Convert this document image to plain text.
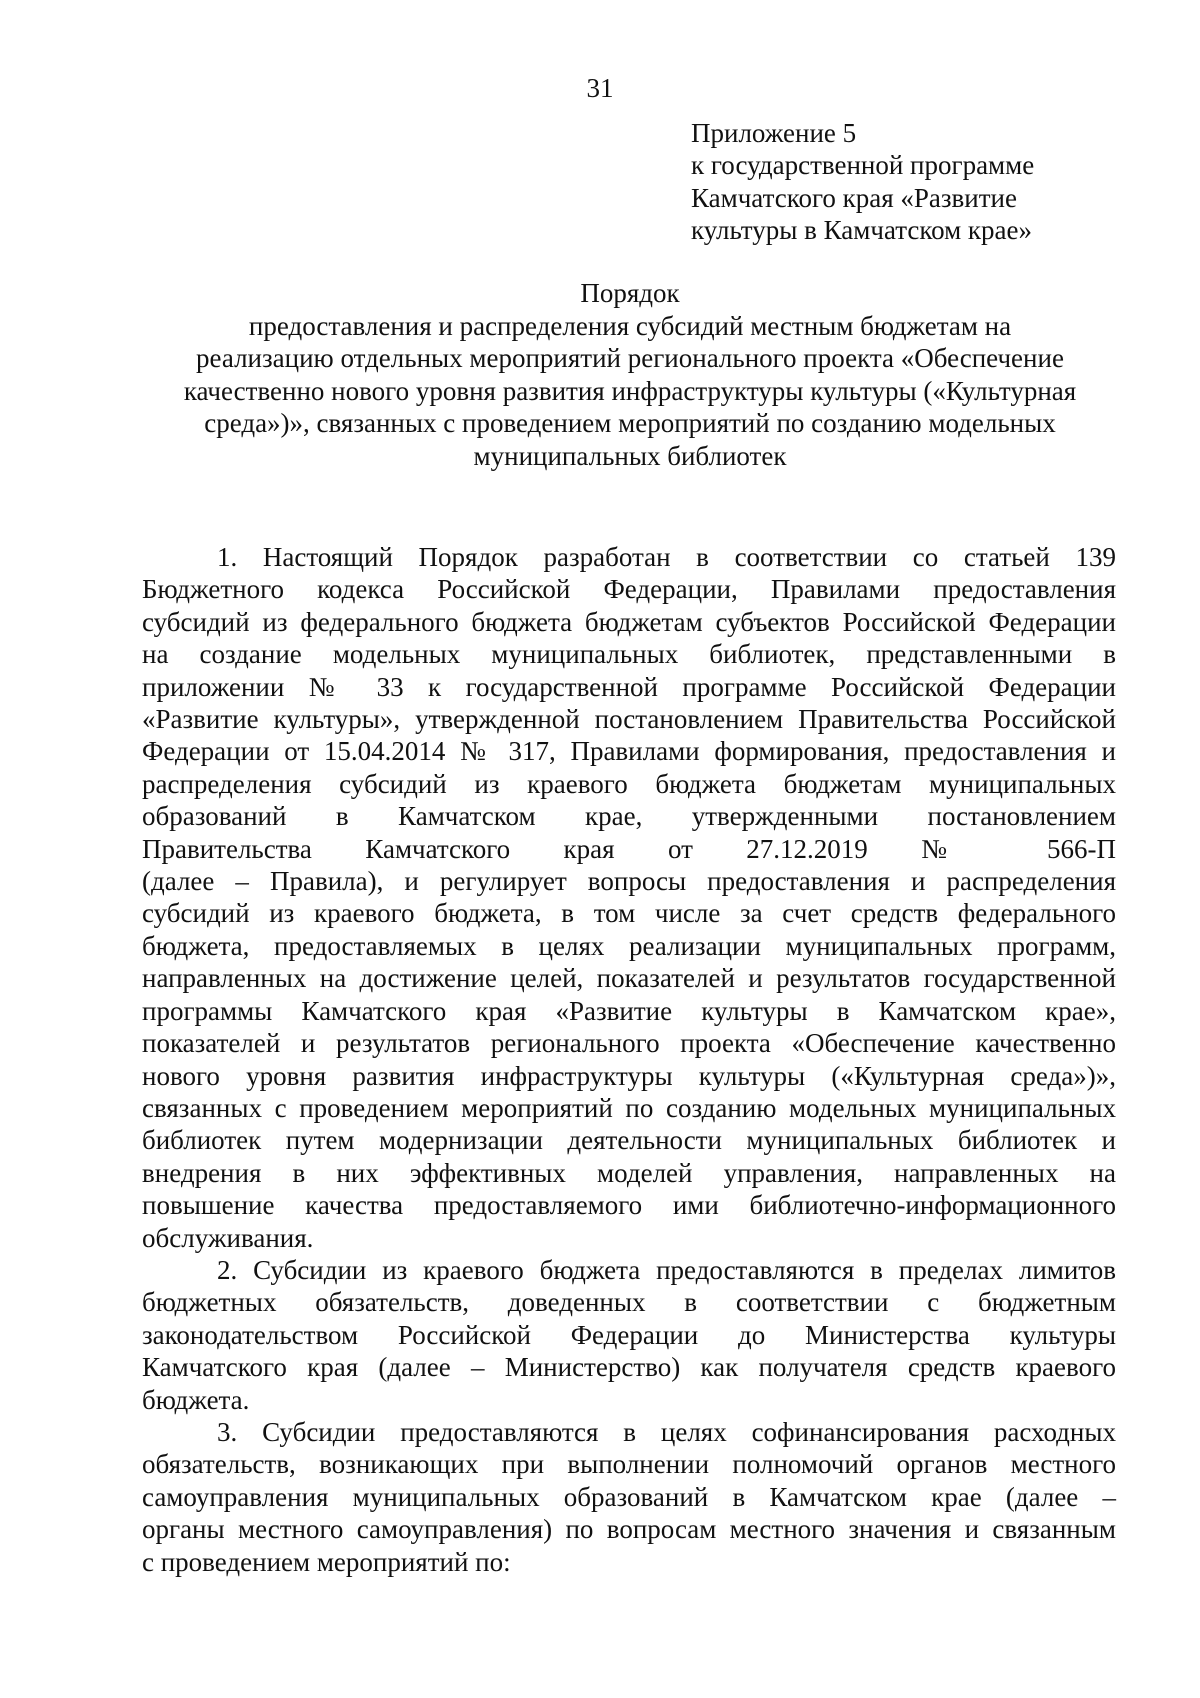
31
Приложение 5
к государственной программе
Камчатского края «Развитие
культуры в Камчатском крае»
Порядок
предоставления и распределения субсидий местным бюджетам на
реализацию отдельных мероприятий регионального проекта «Обеспечение
качественно нового уровня развития инфраструктуры культуры («Культурная
среда»)», связанных с проведением мероприятий по созданию модельных
муниципальных библиотек
1. Настоящий Порядок разработан в соответствии со статьей 139
Бюджетного кодекса Российской Федерации, Правилами предоставления
субсидий из федерального бюджета бюджетам субъектов Российской Федерации
на создание модельных муниципальных библиотек, представленными в
приложении № 33 к государственной программе Российской Федерации
«Развитие культуры», утвержденной постановлением Правительства Российской
Федерации от 15.04.2014 № 317, Правилами формирования, предоставления и
распределения субсидий из краевого бюджета бюджетам муниципальных
образований в Камчатском крае, утвержденными постановлением
Правительства Камчатского края от 27.12.2019 № 566-П
(далее – Правила), и регулирует вопросы предоставления и распределения
субсидий из краевого бюджета, в том числе за счет средств федерального
бюджета, предоставляемых в целях реализации муниципальных программ,
направленных на достижение целей, показателей и результатов государственной
программы Камчатского края «Развитие культуры в Камчатском крае»,
показателей и результатов регионального проекта «Обеспечение качественно
нового уровня развития инфраструктуры культуры («Культурная среда»)»,
связанных с проведением мероприятий по созданию модельных муниципальных
библиотек путем модернизации деятельности муниципальных библиотек и
внедрения в них эффективных моделей управления, направленных на
повышение качества предоставляемого ими библиотечно-информационного
обслуживания.
2. Субсидии из краевого бюджета предоставляются в пределах лимитов
бюджетных обязательств, доведенных в соответствии с бюджетным
законодательством Российской Федерации до Министерства культуры
Камчатского края (далее – Министерство) как получателя средств краевого
бюджета.
3. Субсидии предоставляются в целях софинансирования расходных
обязательств, возникающих при выполнении полномочий органов местного
самоуправления муниципальных образований в Камчатском крае (далее –
органы местного самоуправления) по вопросам местного значения и связанным
с проведением мероприятий по:
